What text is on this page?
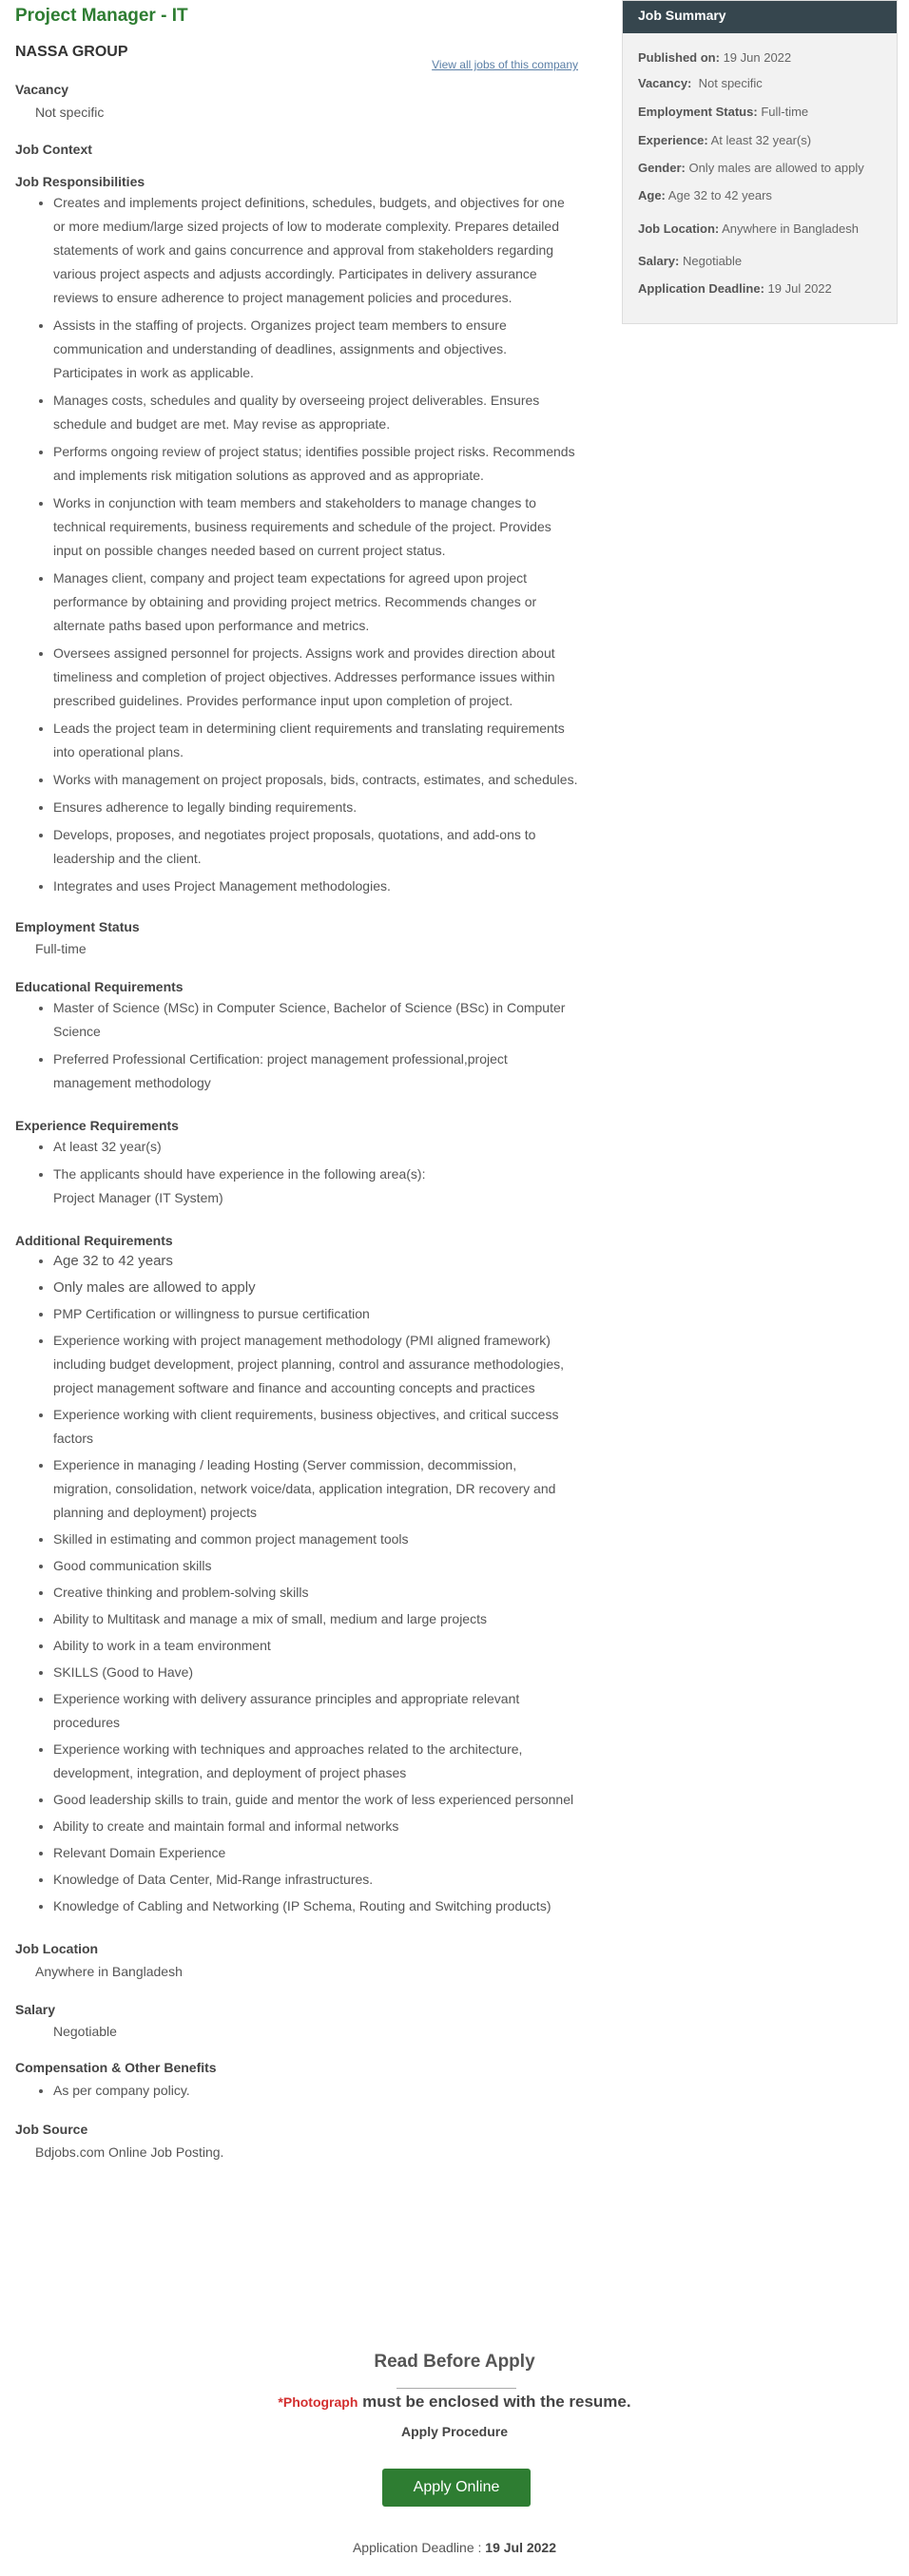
Project Manager - IT
NASSA GROUP
View all jobs of this company
Vacancy
Not specific
Job Context
Job Responsibilities
• Creates and implements project definitions, schedules, budgets, and objectives for one or more medium/large sized projects of low to moderate complexity. Prepares detailed statements of work and gains concurrence and approval from stakeholders regarding various project aspects and adjusts accordingly. Participates in delivery assurance reviews to ensure adherence to project management policies and procedures.
• Assists in the staffing of projects. Organizes project team members to ensure communication and understanding of deadlines, assignments and objectives. Participates in work as applicable.
• Manages costs, schedules and quality by overseeing project deliverables. Ensures schedule and budget are met. May revise as appropriate.
• Performs ongoing review of project status; identifies possible project risks. Recommends and implements risk mitigation solutions as approved and as appropriate.
• Works in conjunction with team members and stakeholders to manage changes to technical requirements, business requirements and schedule of the project. Provides input on possible changes needed based on current project status.
• Manages client, company and project team expectations for agreed upon project performance by obtaining and providing project metrics. Recommends changes or alternate paths based upon performance and metrics.
• Oversees assigned personnel for projects. Assigns work and provides direction about timeliness and completion of project objectives. Addresses performance issues within prescribed guidelines. Provides performance input upon completion of project.
• Leads the project team in determining client requirements and translating requirements into operational plans.
• Works with management on project proposals, bids, contracts, estimates, and schedules.
• Ensures adherence to legally binding requirements.
• Develops, proposes, and negotiates project proposals, quotations, and add-ons to leadership and the client.
• Integrates and uses Project Management methodologies.
Employment Status
Full-time
Educational Requirements
• Master of Science (MSc) in Computer Science, Bachelor of Science (BSc) in Computer Science
• Preferred Professional Certification: project management professional,project management methodology
Experience Requirements
• At least 32 year(s)
• The applicants should have experience in the following area(s):
Project Manager (IT System)
Additional Requirements
• Age 32 to 42 years
• Only males are allowed to apply
• PMP Certification or willingness to pursue certification
• Experience working with project management methodology (PMI aligned framework) including budget development, project planning, control and assurance methodologies, project management software and finance and accounting concepts and practices
• Experience working with client requirements, business objectives, and critical success factors
• Experience in managing / leading Hosting (Server commission, decommission, migration, consolidation, network voice/data, application integration, DR recovery and planning and deployment) projects
• Skilled in estimating and common project management tools
• Good communication skills
• Creative thinking and problem-solving skills
• Ability to Multitask and manage a mix of small, medium and large projects
• Ability to work in a team environment
• SKILLS (Good to Have)
• Experience working with delivery assurance principles and appropriate relevant procedures
• Experience working with techniques and approaches related to the architecture, development, integration, and deployment of project phases
• Good leadership skills to train, guide and mentor the work of less experienced personnel
• Ability to create and maintain formal and informal networks
• Relevant Domain Experience
• Knowledge of Data Center, Mid-Range infrastructures.
• Knowledge of Cabling and Networking (IP Schema, Routing and Switching products)
Job Location
Anywhere in Bangladesh
Salary
Negotiable
Compensation & Other Benefits
• As per company policy.
Job Source
Bdjobs.com Online Job Posting.
Read Before Apply
*Photograph must be enclosed with the resume.
Apply Procedure
Apply Online
Application Deadline : 19 Jul 2022
Job Summary
Published on: 19 Jun 2022
Vacancy: Not specific
Employment Status: Full-time
Experience: At least 32 year(s)
Gender: Only males are allowed to apply
Age: Age 32 to 42 years
Job Location: Anywhere in Bangladesh
Salary: Negotiable
Application Deadline: 19 Jul 2022
